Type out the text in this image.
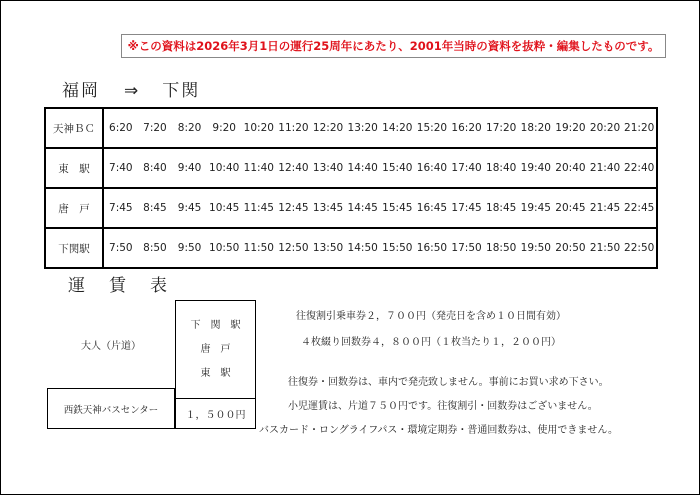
※この資料は2026年3月1日の運行25周年にあたり、2001年当時の資料を抜粋・編集したものです。
福岡 ⇒ 下関
天神ＢＣ	6:20	7:20	8:20	9:20	10:20	11:20	12:20	13:20	14:20	15:20	16:20	17:20	18:20	19:20	20:20	21:20
東　駅	7:40	8:40	9:40	10:40	11:40	12:40	13:40	14:40	15:40	16:40	17:40	18:40	19:40	20:40	21:40	22:40
唐　戸	7:45	8:45	9:45	10:45	11:45	12:45	13:45	14:45	15:45	16:45	17:45	18:45	19:45	20:45	21:45	22:45
下関駅	7:50	8:50	9:50	10:50	11:50	12:50	13:50	14:50	15:50	16:50	17:50	18:50	19:50	20:50	21:50	22:50
運 賃 表
大人（片道）
下　関　駅
唐　戸
東　駅
西鉄天神バスセンター	１，５００円
往復割引乗車券２，７００円（発売日を含め１０日間有効）
４枚綴り回数券４，８００円（１枚当たり１，２００円）
往復券・回数券は、車内で発売致しません。事前にお買い求め下さい。
小児運賃は、片道７５０円です。往復割引・回数券はございません。
バスカード・ロングライフパス・環境定期券・普通回数券は、使用できません。
